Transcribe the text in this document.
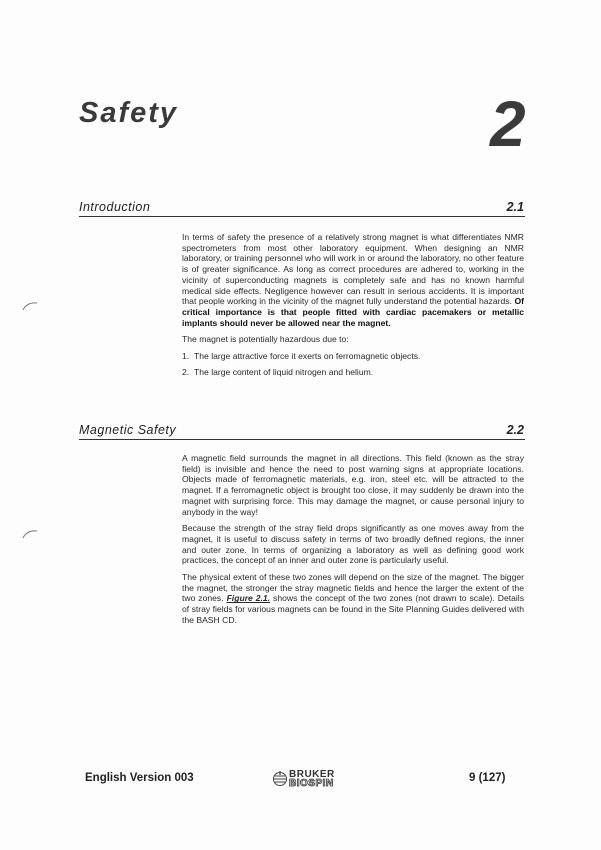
Safety	2
Introduction	2.1

In terms of safety the presence of a relatively strong magnet is what differentiates NMR spectrometers from most other laboratory equipment. When designing an NMR laboratory, or training personnel who will work in or around the laboratory, no other feature is of greater significance. As long as correct procedures are adhered to, working in the vicinity of superconducting magnets is completely safe and has no known harmful medical side effects. Negligence however can result in serious accidents. It is important that people working in the vicinity of the magnet fully understand the potential hazards. Of critical importance is that people fitted with cardiac pacemakers or metallic implants should never be allowed near the magnet.

The magnet is potentially hazardous due to:

1. The large attractive force it exerts on ferromagnetic objects.
2. The large content of liquid nitrogen and helium.
Magnetic Safety	2.2

A magnetic field surrounds the magnet in all directions. This field (known as the stray field) is invisible and hence the need to post warning signs at appropriate locations. Objects made of ferromagnetic materials, e.g. iron, steel etc. will be attracted to the magnet. If a ferromagnetic object is brought too close, it may suddenly be drawn into the magnet with surprising force. This may damage the magnet, or cause personal injury to anybody in the way!

Because the strength of the stray field drops significantly as one moves away from the magnet, it is useful to discuss safety in terms of two broadly defined regions, the inner and outer zone. In terms of organizing a laboratory as well as defining good work practices, the concept of an inner and outer zone is particularly useful.

The physical extent of these two zones will depend on the size of the magnet. The bigger the magnet, the stronger the stray magnetic fields and hence the larger the extent of the two zones. Figure 2.1. shows the concept of the two zones (not drawn to scale). Details of stray fields for various magnets can be found in the Site Planning Guides delivered with the BASH CD.

English Version 003	BRUKER
BIOSPIN	9 (127)
